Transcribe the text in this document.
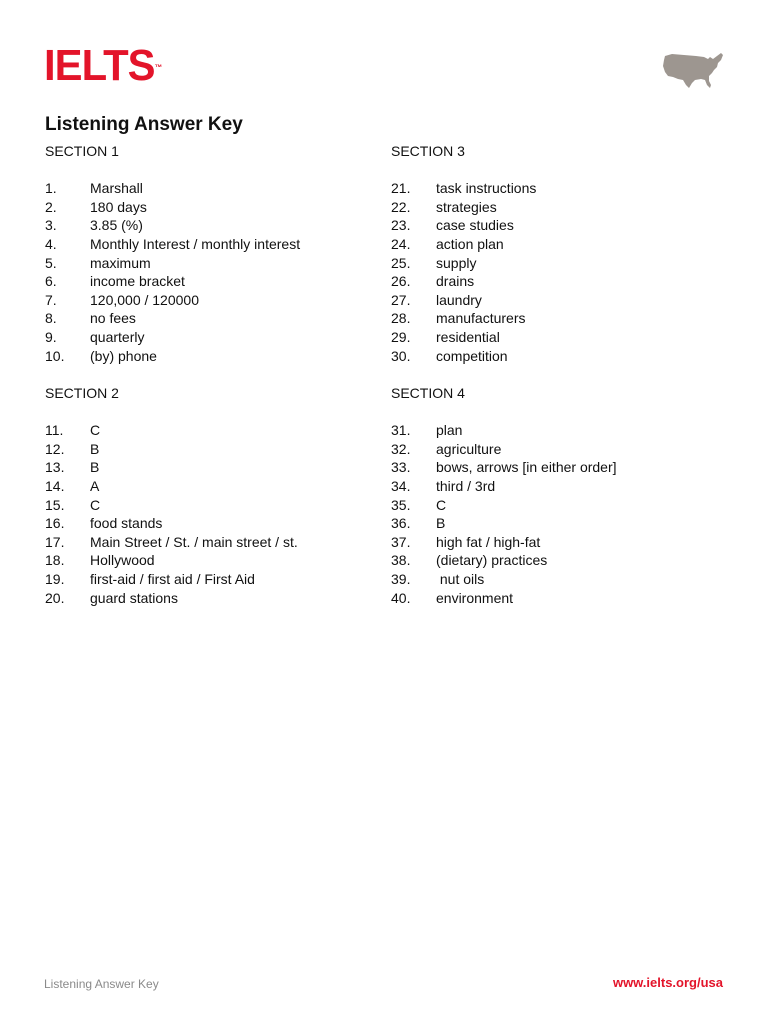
IELTS™
Listening Answer Key
SECTION 1
1.	Marshall
2.	180 days
3.	3.85 (%)
4.	Monthly Interest / monthly interest
5.	maximum
6.	income bracket
7.	120,000 / 120000
8.	no fees
9.	quarterly
10.	(by) phone
SECTION 2
11.	C
12.	B
13.	B
14.	A
15.	C
16.	food stands
17.	Main Street / St. / main street / st.
18.	Hollywood
19.	first-aid / first aid / First Aid
20.	guard stations
SECTION 3
21.	task instructions
22.	strategies
23.	case studies
24.	action plan
25.	supply
26.	drains
27.	laundry
28.	manufacturers
29.	residential
30.	competition
SECTION 4
31.	plan
32.	agriculture
33.	bows, arrows [in either order]
34.	third / 3rd
35.	C
36.	B
37.	high fat / high-fat
38.	(dietary) practices
39.	nut oils
40.	environment
Listening Answer Key	www.ielts.org/usa
